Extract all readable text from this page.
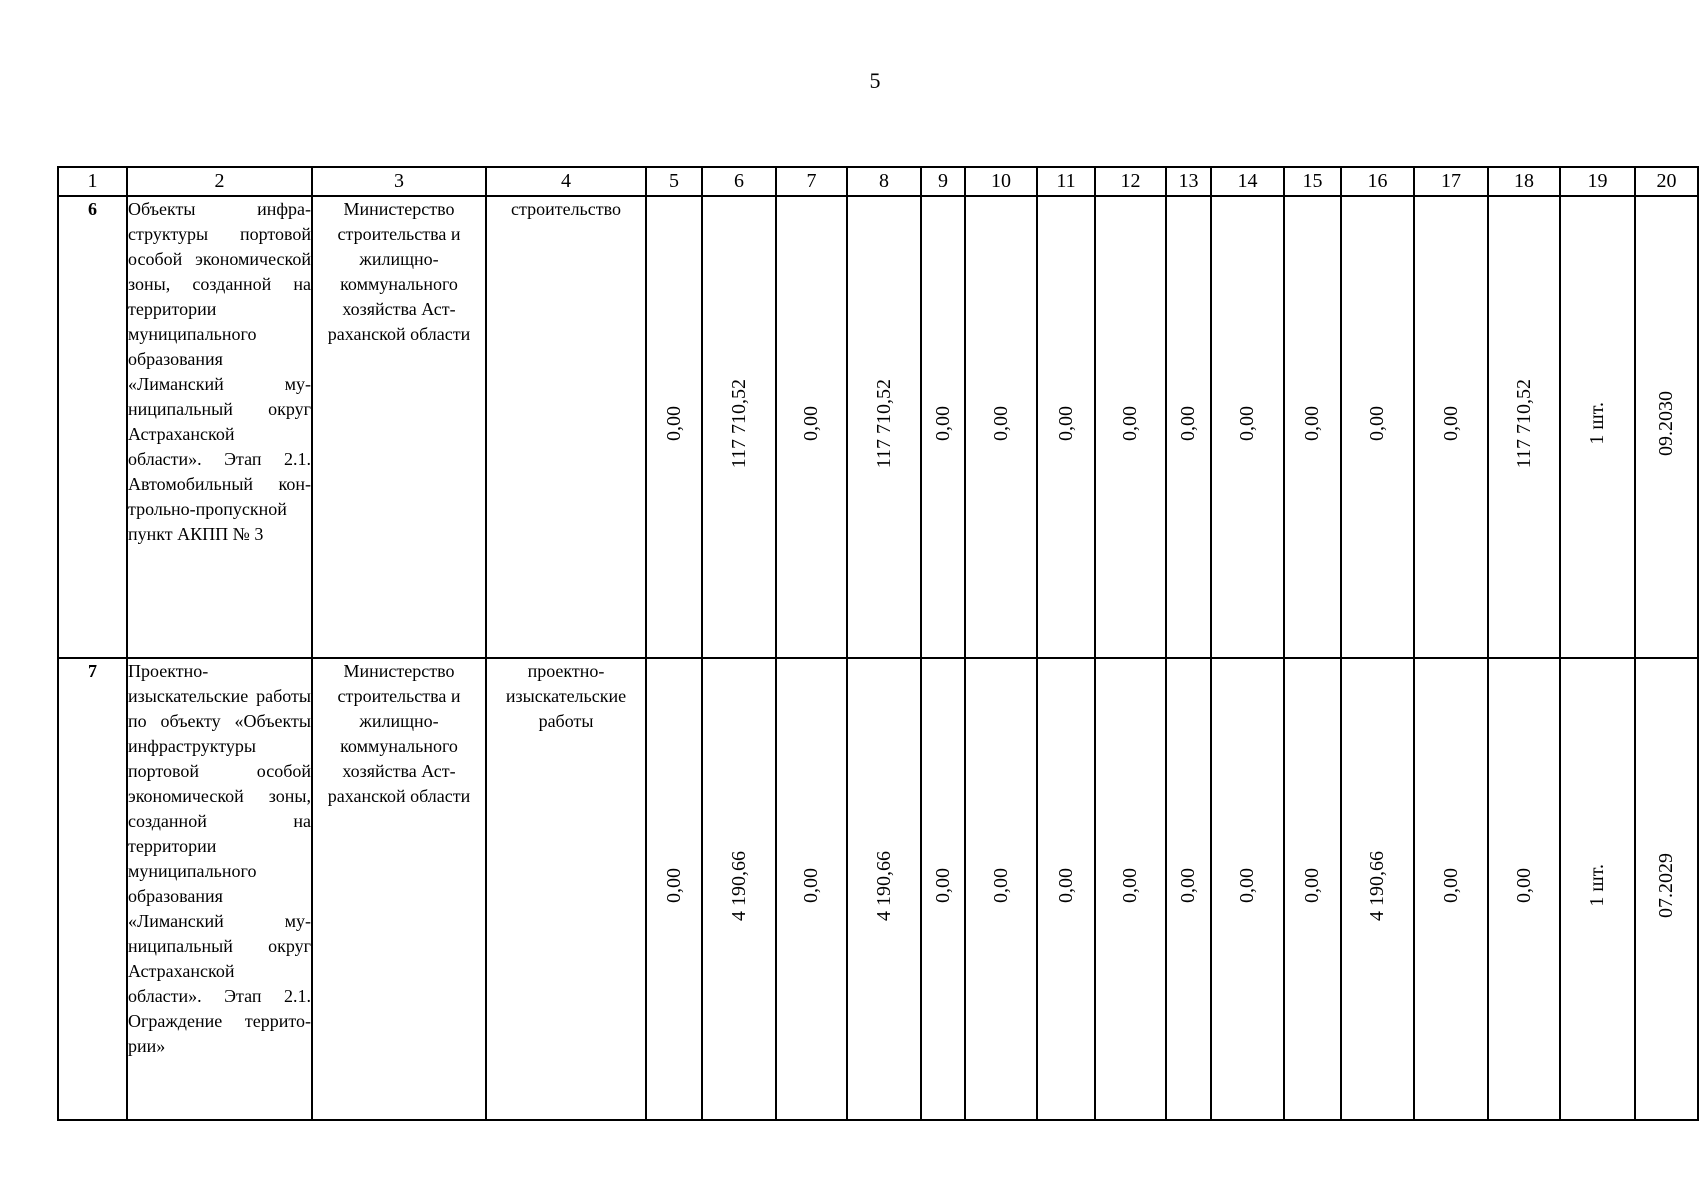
5
1	2	3	4	5	6	7	8	9	10	11	12	13	14	15	16	17	18	19	20
6	Объекты инфраструктуры портовой особой экономической зоны, созданной на территории муниципального образования «Лиманский муниципальный округ Астраханской области». Этап 2.1. Автомобильный контрольно-пропускной пункт АКПП № 3	Министерство строительства и жилищно-коммунального хозяйства Астраханской области	строительство	0,00	117 710,52	0,00	117 710,52	0,00	0,00	0,00	0,00	0,00	0,00	0,00	0,00	0,00	117 710,52	1 шт.	09.2030
7	Проектно-изыскательские работы по объекту «Объекты инфраструктуры портовой особой экономической зоны, созданной на территории муниципального образования «Лиманский муниципальный округ Астраханской области». Этап 2.1. Ограждение территории»	Министерство строительства и жилищно-коммунального хозяйства Астраханской области	проектно-изыскательские работы	0,00	4 190,66	0,00	4 190,66	0,00	0,00	0,00	0,00	0,00	0,00	0,00	4 190,66	0,00	0,00	1 шт.	07.2029
